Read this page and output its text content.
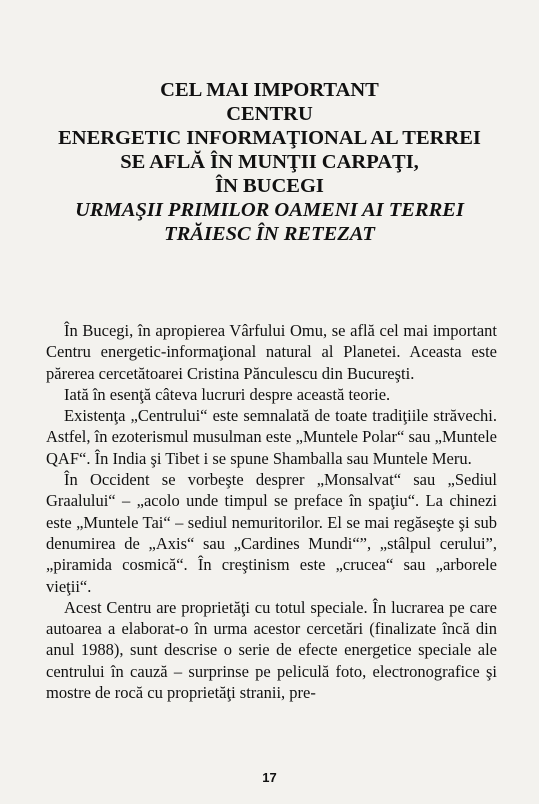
CEL MAI IMPORTANT
CENTRU
ENERGETIC INFORMAŢIONAL AL TERREI
SE AFLĂ ÎN MUNŢII CARPAŢI,
ÎN BUCEGI
URMAŞII PRIMILOR OAMENI AI TERREI
TRĂIESC ÎN RETEZAT

În Bucegi, în apropierea Vârfului Omu, se află cel mai important Centru energetic-informaţional natural al Planetei. Aceasta este părerea cercetătoarei Cristina Pănculescu din Bucureşti.

Iată în esenţă câteva lucruri despre această teorie.

Existenţa „Centrului“ este semnalată de toate tradiţiile străvechi. Astfel, în ezoterismul musulman este „Muntele Polar“ sau „Muntele QAF“. În India şi Tibet i se spune Shamballa sau Muntele Meru.

În Occident se vorbeşte desprer „Monsalvat“ sau „Sediul Graalului“ – „acolo unde timpul se preface în spaţiu“. La chinezi este „Muntele Tai“ – sediul nemuritorilor. El se mai regăseşte şi sub denumirea de „Axis“ sau „Cardines Mundi“”, „stâlpul cerului”, „piramida cosmică“. În creştinism este „crucea“ sau „arborele vieţii“.

Acest Centru are proprietăţi cu totul speciale. În lucrarea pe care autoarea a elaborat-o în urma acestor cercetări (finalizate încă din anul 1988), sunt descrise o serie de efecte energetice speciale ale centrului în cauză – surprinse pe peliculă foto, electronografice şi mostre de rocă cu proprietăţi stranii, pre-

17
